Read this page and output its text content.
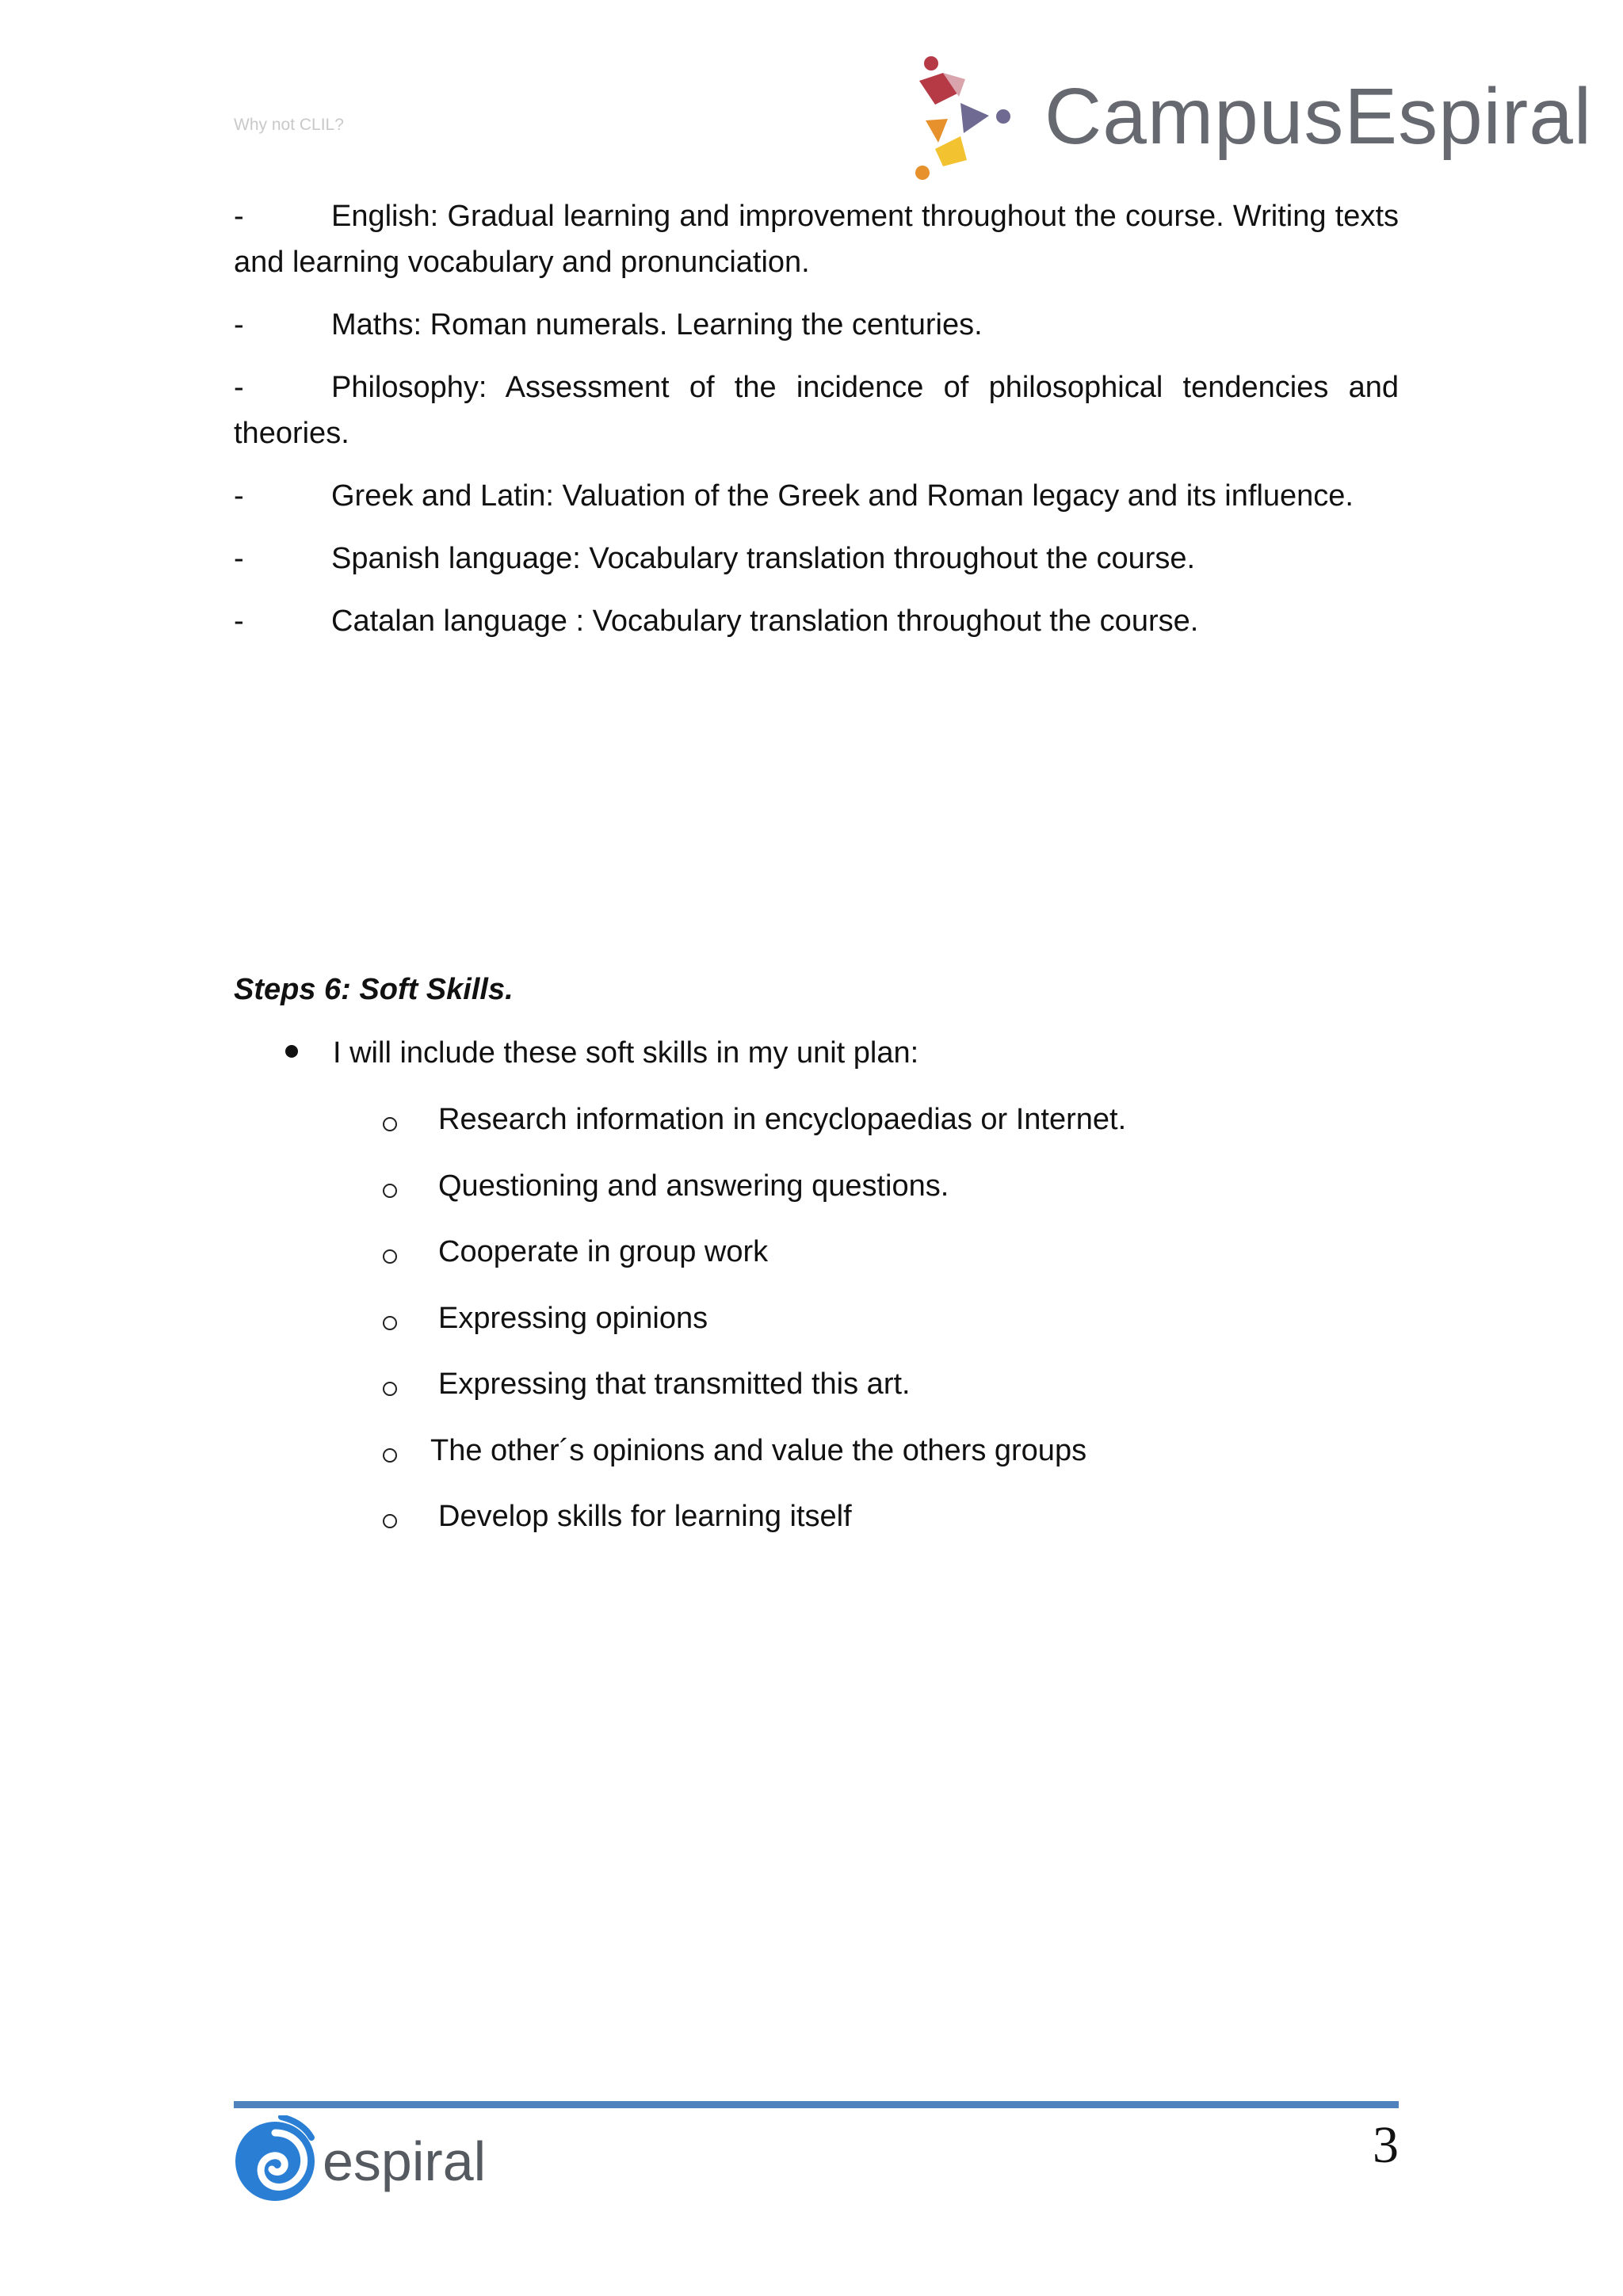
Why not CLIL?	CampusEspiral
-	English: Gradual learning and improvement throughout the course. Writing texts and learning vocabulary and pronunciation.
-	Maths: Roman numerals. Learning the centuries.
-	Philosophy: Assessment of the incidence of philosophical tendencies and theories.
-	Greek and Latin: Valuation of the Greek and Roman legacy and its influence.
-	Spanish language: Vocabulary translation throughout the course.
-	Catalan language : Vocabulary translation throughout the course.
Steps 6: Soft Skills.
I will include these soft skills in my unit plan:
Research information in encyclopaedias or Internet.
Questioning and answering questions.
Cooperate in group work
Expressing opinions
Expressing that transmitted this art.
The other´s opinions and value the others groups
Develop skills for learning itself
espiral	3
